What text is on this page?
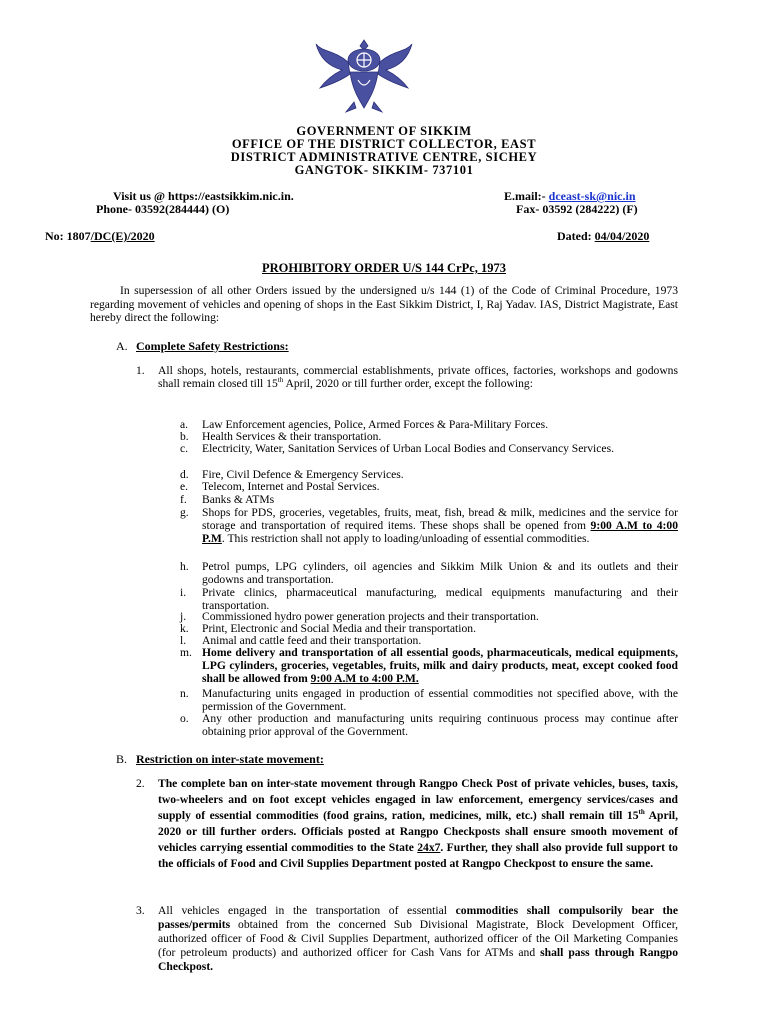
GOVERNMENT OF SIKKIM
OFFICE OF THE DISTRICT COLLECTOR, EAST
DISTRICT ADMINISTRATIVE CENTRE, SICHEY
GANGTOK- SIKKIM- 737101
Visit us @ https://eastsikkim.nic.in.	E.mail:- dceast-sk@nic.in
Phone- 03592(284444) (O)	Fax- 03592 (284222) (F)
No: 1807/DC(E)/2020	Dated: 04/04/2020
PROHIBITORY ORDER U/S 144 CrPc, 1973
In supersession of all other Orders issued by the undersigned u/s 144 (1) of the Code of Criminal Procedure, 1973 regarding movement of vehicles and opening of shops in the East Sikkim District, I, Raj Yadav. IAS, District Magistrate, East hereby direct the following:
A. Complete Safety Restrictions:
1. All shops, hotels, restaurants, commercial establishments, private offices, factories, workshops and godowns shall remain closed till 15th April, 2020 or till further order, except the following:
a. Law Enforcement agencies, Police, Armed Forces & Para-Military Forces.
b. Health Services & their transportation.
c. Electricity, Water, Sanitation Services of Urban Local Bodies and Conservancy Services.
d. Fire, Civil Defence & Emergency Services.
e. Telecom, Internet and Postal Services.
f. Banks & ATMs
g. Shops for PDS, groceries, vegetables, fruits, meat, fish, bread & milk, medicines and the service for storage and transportation of required items. These shops shall be opened from 9:00 A.M to 4:00 P.M. This restriction shall not apply to loading/unloading of essential commodities.
h. Petrol pumps, LPG cylinders, oil agencies and Sikkim Milk Union & and its outlets and their godowns and transportation.
i. Private clinics, pharmaceutical manufacturing, medical equipments manufacturing and their transportation.
j. Commissioned hydro power generation projects and their transportation.
k. Print, Electronic and Social Media and their transportation.
l. Animal and cattle feed and their transportation.
m. Home delivery and transportation of all essential goods, pharmaceuticals, medical equipments, LPG cylinders, groceries, vegetables, fruits, milk and dairy products, meat, except cooked food shall be allowed from 9:00 A.M to 4:00 P.M.
n. Manufacturing units engaged in production of essential commodities not specified above, with the permission of the Government.
o. Any other production and manufacturing units requiring continuous process may continue after obtaining prior approval of the Government.
B. Restriction on inter-state movement:
2. The complete ban on inter-state movement through Rangpo Check Post of private vehicles, buses, taxis, two-wheelers and on foot except vehicles engaged in law enforcement, emergency services/cases and supply of essential commodities (food grains, ration, medicines, milk, etc.) shall remain till 15th April, 2020 or till further orders. Officials posted at Rangpo Checkposts shall ensure smooth movement of vehicles carrying essential commodities to the State 24x7. Further, they shall also provide full support to the officials of Food and Civil Supplies Department posted at Rangpo Checkpost to ensure the same.
3. All vehicles engaged in the transportation of essential commodities shall compulsorily bear the passes/permits obtained from the concerned Sub Divisional Magistrate, Block Development Officer, authorized officer of Food & Civil Supplies Department, authorized officer of the Oil Marketing Companies (for petroleum products) and authorized officer for Cash Vans for ATMs and shall pass through Rangpo Checkpost.
